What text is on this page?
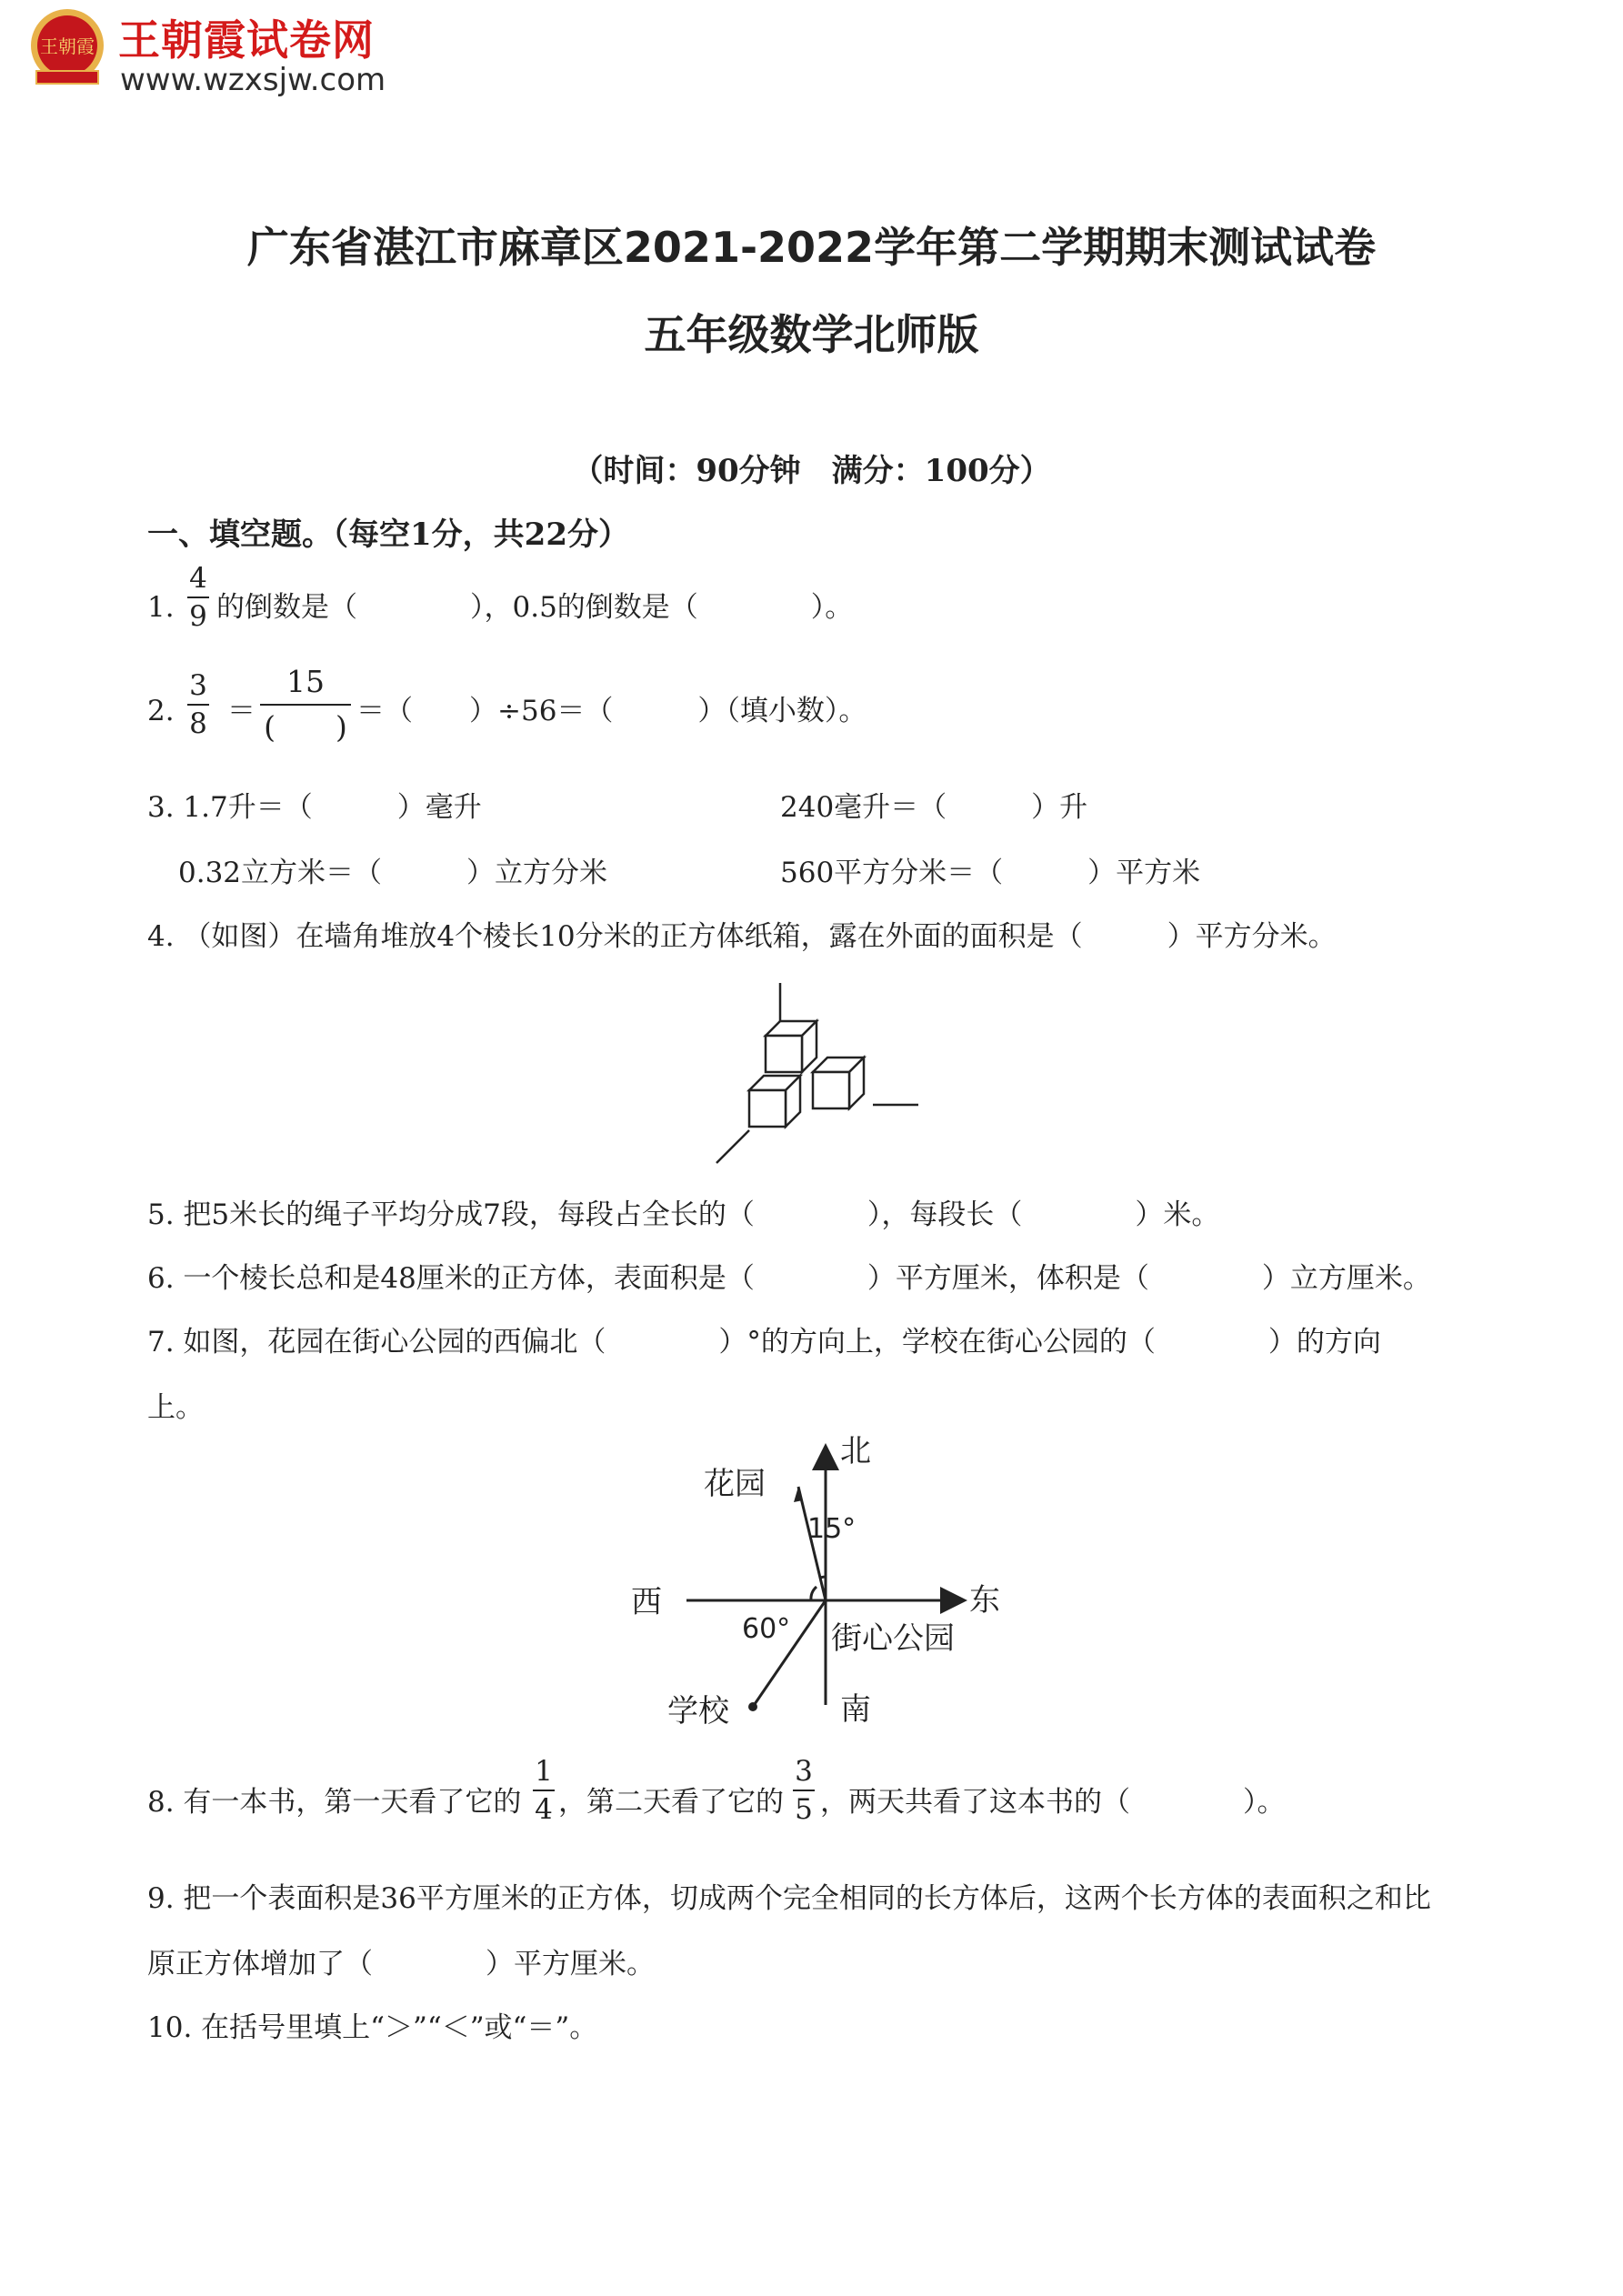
王朝霞 王朝霞试卷网
www.wzxsjw.com
广东省湛江市麻章区2021-2022学年第二学期期末测试试卷
五年级数学北师版
（时间：90分钟　满分：100分）
一、填空题。（每空1分，共22分）
1.
4
9 的倒数是（　　　　），0.5的倒数是（　　　　）。
2.
3
8 ＝
15
(　　) ＝（　　）÷56＝（　　　）（填小数）。
3. 1.7升＝（　　　）毫升	240毫升＝（　　　）升
0.32立方米＝（　　　）立方分米	560平方分米＝（　　　）平方米
4. （如图）在墙角堆放4个棱长10分米的正方体纸箱，露在外面的面积是（　　　）平方分米。
5. 把5米长的绳子平均分成7段，每段占全长的（　　　　），每段长（　　　　）米。
6. 一个棱长总和是48厘米的正方体，表面积是（　　　　）平方厘米，体积是（　　　　）立方厘米。
7. 如图，花园在街心公园的西偏北（　　　　）°的方向上，学校在街心公园的（　　　　）的方向
上。
北
东
南
西
花园
学校
街心公园
15°
60°
8. 有一本书，第一天看了它的
1
4 ，第二天看了它的
3
5 ，两天共看了这本书的（　　　　）。
9. 把一个表面积是36平方厘米的正方体，切成两个完全相同的长方体后，这两个长方体的表面积之和比
原正方体增加了（　　　　）平方厘米。
10. 在括号里填上“＞”“＜”或“＝”。
